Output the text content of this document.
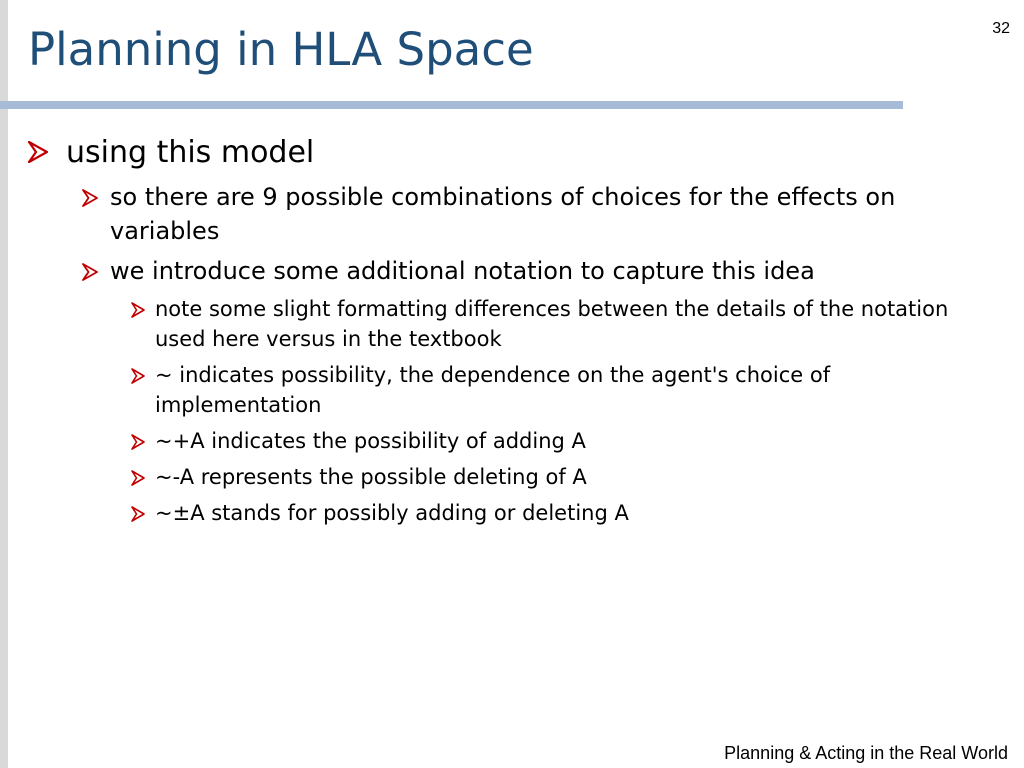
Planning in HLA Space	32
using this model
so there are 9 possible combinations of choices for the effects on variables
we introduce some additional notation to capture this idea
note some slight formatting differences between the details of the notation used here versus in the textbook
~ indicates possibility, the dependence on the agent's choice of implementation
~+A indicates the possibility of adding A
~-A represents the possible deleting of A
~±A stands for possibly adding or deleting A
Planning & Acting in the Real World
